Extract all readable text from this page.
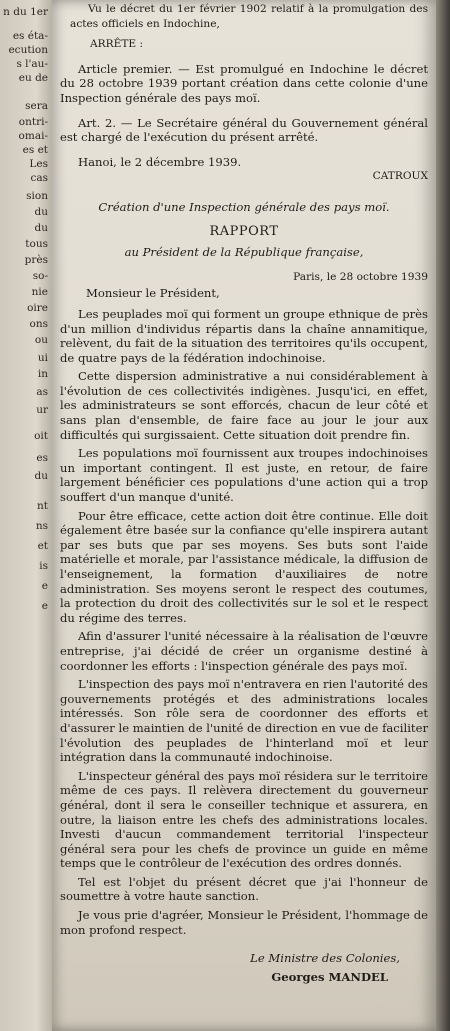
n du 1er
es éta-
ecution
s l'au-
eu de
sera
ontri-
omai-
es et
Les
cas
sion
du
du
tous
près
so-
nie
oire
ons
ou
ui
in
as
ur
oit
es
du
nt
ns
et
is
e
e
Vu le décret du 1er février 1902 relatif à la promulgation des actes officiels en Indochine,
ARRÊTE :
Article premier. — Est promulgué en Indochine le décret du 28 octobre 1939 portant création dans cette colonie d'une Inspection générale des pays moï.
Art. 2. — Le Secrétaire général du Gouvernement général est chargé de l'exécution du présent arrêté.
Hanoi, le 2 décembre 1939.
CATROUX
Création d'une Inspection générale des pays moï.
RAPPORT
au Président de la République française,
Paris, le 28 octobre 1939
Monsieur le Président,
Les peuplades moï qui forment un groupe ethnique de près d'un million d'individus répartis dans la chaîne annamitique, relèvent, du fait de la situation des territoires qu'ils occupent, de quatre pays de la fédération indochinoise.
Cette dispersion administrative a nui considérablement à l'évolution de ces collectivités indigènes. Jusqu'ici, en effet, les administrateurs se sont efforcés, chacun de leur côté et sans plan d'ensemble, de faire face au jour le jour aux difficultés qui surgissaient. Cette situation doit prendre fin.
Les populations moï fournissent aux troupes indochinoises un important contingent. Il est juste, en retour, de faire largement bénéficier ces populations d'une action qui a trop souffert d'un manque d'unité.
Pour être efficace, cette action doit être continue. Elle doit également être basée sur la confiance qu'elle inspirera autant par ses buts que par ses moyens. Ses buts sont l'aide matérielle et morale, par l'assistance médicale, la diffusion de l'enseignement, la formation d'auxiliaires de notre administration. Ses moyens seront le respect des coutumes, la protection du droit des collectivités sur le sol et le respect du régime des terres.
Afin d'assurer l'unité nécessaire à la réalisation de l'œuvre entreprise, j'ai décidé de créer un organisme destiné à coordonner les efforts : l'inspection générale des pays moï.
L'inspection des pays moï n'entravera en rien l'autorité des gouvernements protégés et des administrations locales intéressés. Son rôle sera de coordonner des efforts et d'assurer le maintien de l'unité de direction en vue de faciliter l'évolution des peuplades de l'hinterland moï et leur intégration dans la communauté indochinoise.
L'inspecteur général des pays moï résidera sur le territoire même de ces pays. Il relèvera directement du gouverneur général, dont il sera le conseiller technique et assurera, en outre, la liaison entre les chefs des administrations locales. Investi d'aucun commandement territorial l'inspecteur général sera pour les chefs de province un guide en même temps que le contrôleur de l'exécution des ordres donnés.
Tel est l'objet du présent décret que j'ai l'honneur de soumettre à votre haute sanction.
Je vous prie d'agréer, Monsieur le Président, l'hommage de mon profond respect.
Le Ministre des Colonies,
Georges MANDEL
